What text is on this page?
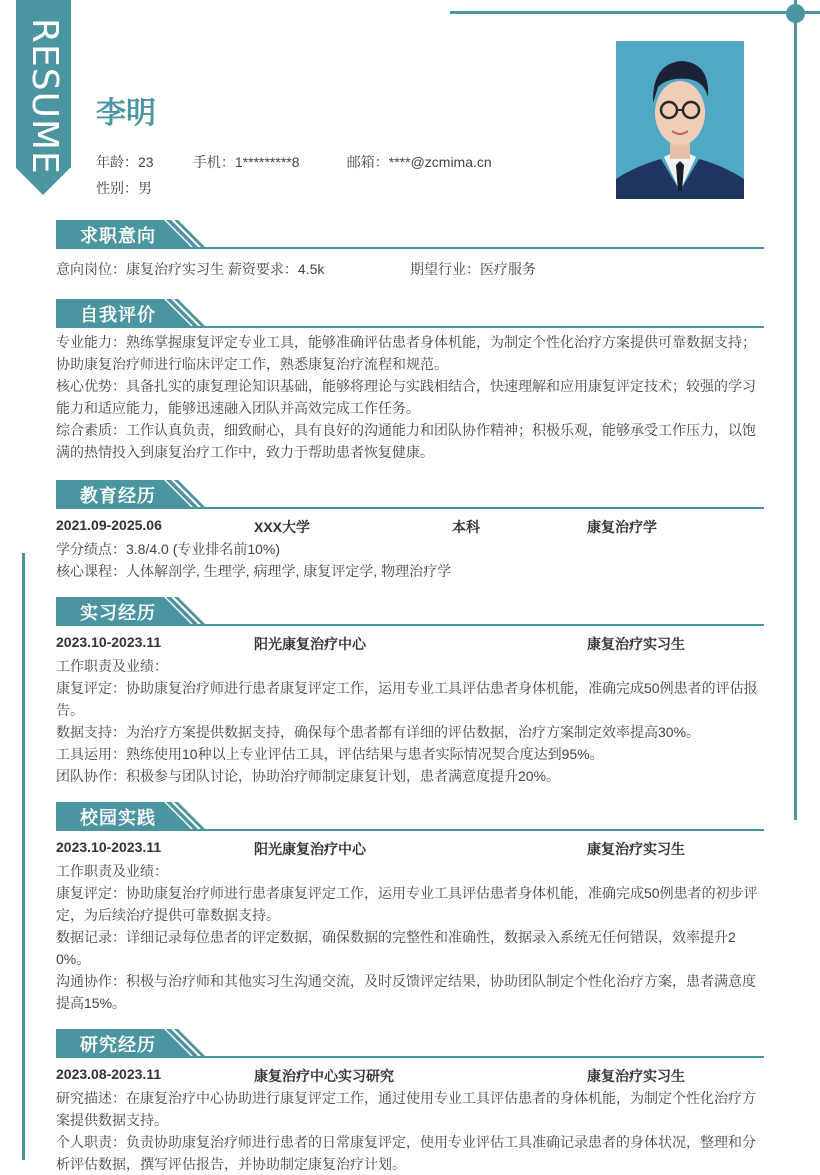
RESUME 李明
年龄：23	手机：1*********8	邮箱：****@zcmima.cn
性别：男
求职意向
意向岗位：康复治疗实习生 薪资要求：4.5k	期望行业：医疗服务
自我评价
专业能力：熟练掌握康复评定专业工具，能够准确评估患者身体机能，为制定个性化治疗方案提供可靠数据支持；
协助康复治疗师进行临床评定工作，熟悉康复治疗流程和规范。
核心优势：具备扎实的康复理论知识基础，能够将理论与实践相结合，快速理解和应用康复评定技术；较强的学习
能力和适应能力，能够迅速融入团队并高效完成工作任务。
综合素质：工作认真负责，细致耐心，具有良好的沟通能力和团队协作精神；积极乐观，能够承受工作压力，以饱
满的热情投入到康复治疗工作中，致力于帮助患者恢复健康。
教育经历
2021.09-2025.06	XXX大学	本科	康复治疗学
学分绩点：3.8/4.0 (专业排名前10%)
核心课程：人体解剖学, 生理学, 病理学, 康复评定学, 物理治疗学
实习经历
2023.10-2023.11	阳光康复治疗中心	康复治疗实习生
工作职责及业绩：
康复评定：协助康复治疗师进行患者康复评定工作，运用专业工具评估患者身体机能，准确完成50例患者的评估报
告。
数据支持：为治疗方案提供数据支持，确保每个患者都有详细的评估数据，治疗方案制定效率提高30%。
工具运用：熟练使用10种以上专业评估工具，评估结果与患者实际情况契合度达到95%。
团队协作：积极参与团队讨论，协助治疗师制定康复计划，患者满意度提升20%。
校园实践
2023.10-2023.11	阳光康复治疗中心	康复治疗实习生
工作职责及业绩：
康复评定：协助康复治疗师进行患者康复评定工作，运用专业工具评估患者身体机能，准确完成50例患者的初步评
定，为后续治疗提供可靠数据支持。
数据记录：详细记录每位患者的评定数据，确保数据的完整性和准确性，数据录入系统无任何错误，效率提升2
0%。
沟通协作：积极与治疗师和其他实习生沟通交流，及时反馈评定结果，协助团队制定个性化治疗方案，患者满意度
提高15%。
研究经历
2023.08-2023.11	康复治疗中心实习研究	康复治疗实习生
研究描述：在康复治疗中心协助进行康复评定工作，通过使用专业工具评估患者的身体机能，为制定个性化治疗方
案提供数据支持。
个人职责：负责协助康复治疗师进行患者的日常康复评定，使用专业评估工具准确记录患者的身体状况，整理和分
析评估数据，撰写评估报告，并协助制定康复治疗计划。
